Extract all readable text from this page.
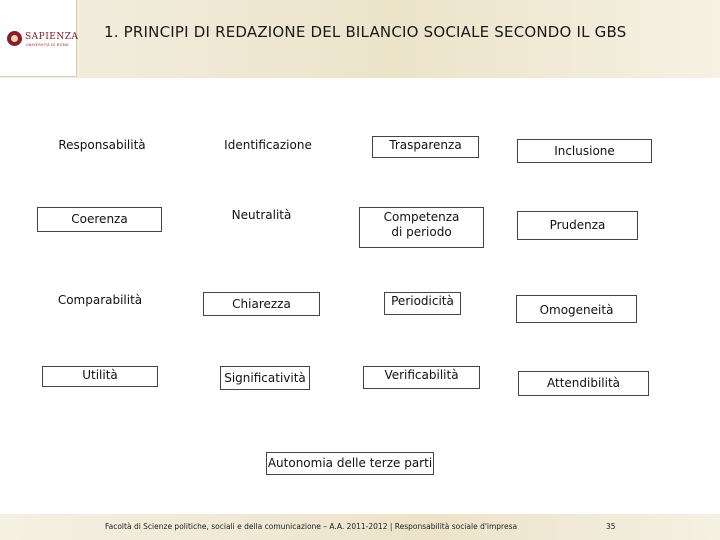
SAPIENZA
UNIVERSITÀ DI ROMA
1. PRINCIPI DI REDAZIONE DEL BILANCIO SOCIALE SECONDO IL GBS
Responsabilità
Coerenza
Comparabilità
Utilità
Identificazione
Neutralità
Chiarezza
Significatività
Trasparenza
Competenza di periodo
Periodicità
Verificabilità
Inclusione
Prudenza
Omogeneità
Attendibilità
Autonomia delle terze parti
Facoltà di Scienze politiche, sociali e della comunicazione – A.A. 2011-2012 | Responsabilità sociale d'impresa	35
